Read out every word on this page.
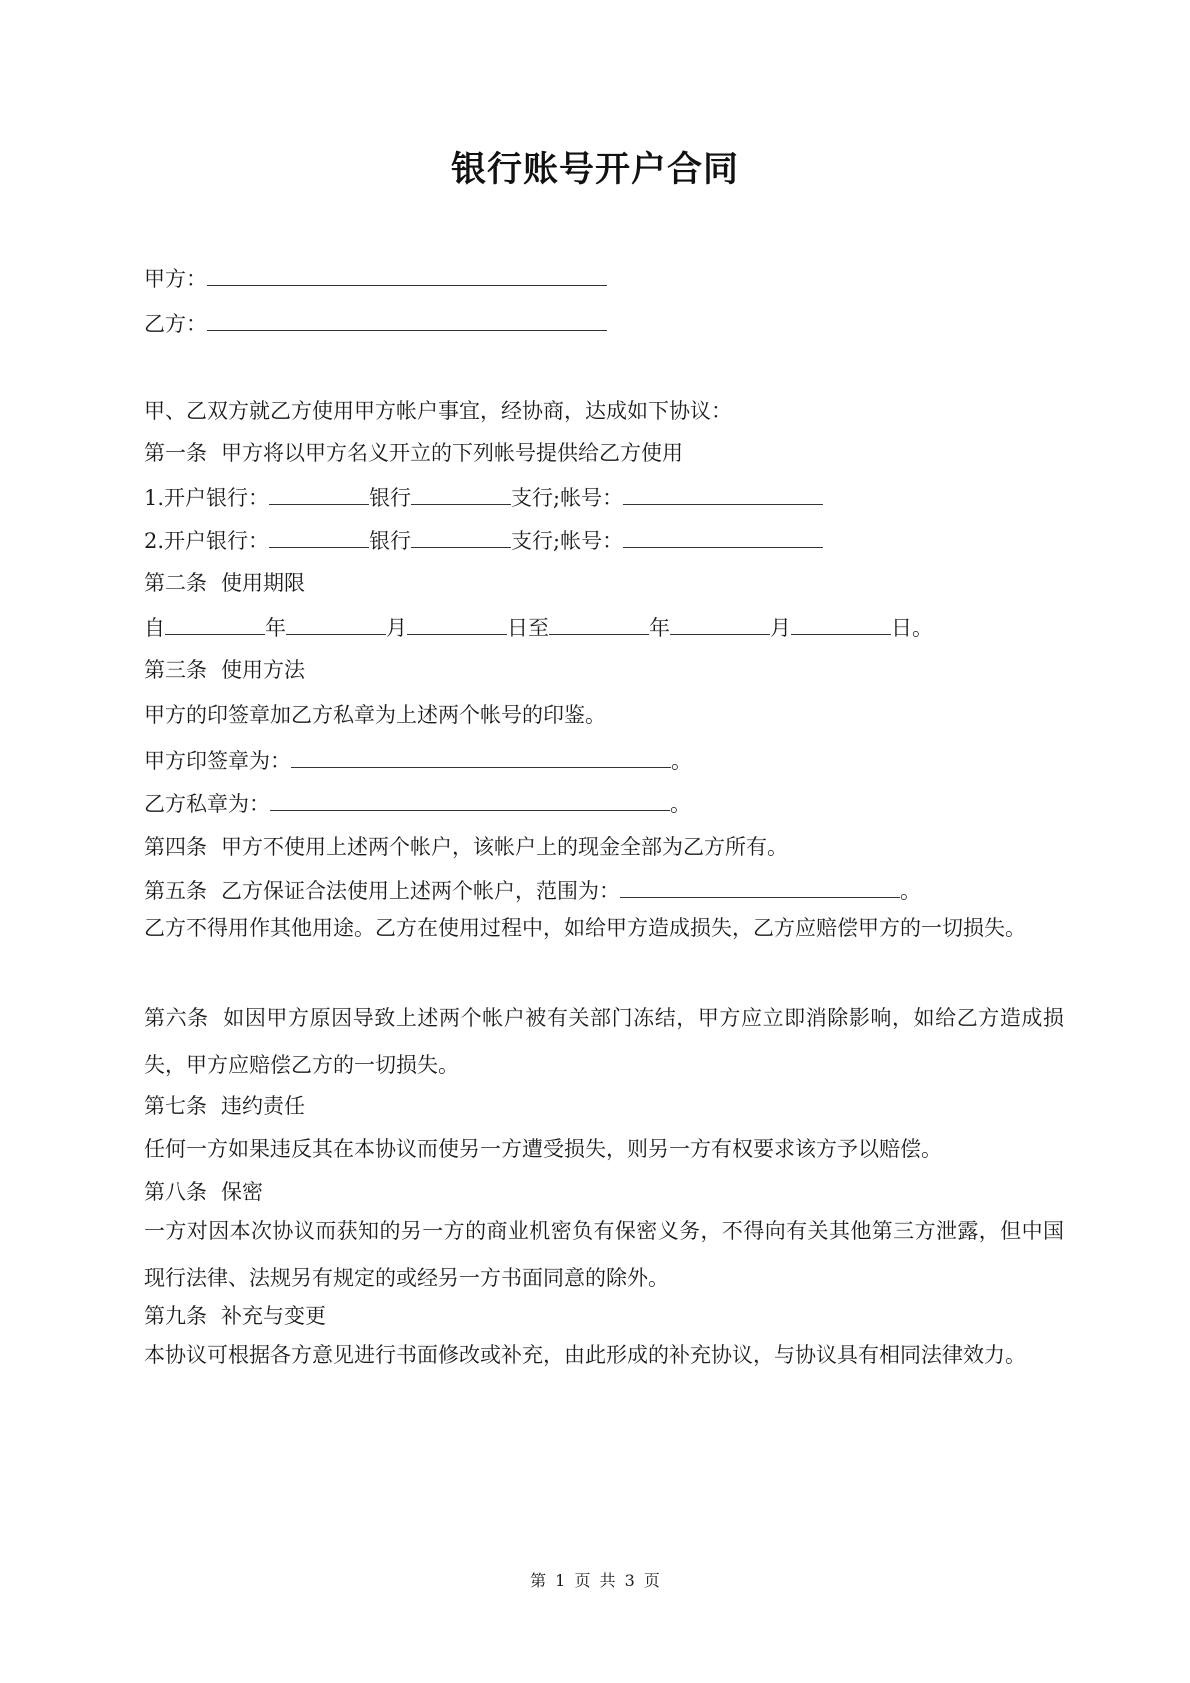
银行账号开户合同
甲方：
乙方：
甲、乙双方就乙方使用甲方帐户事宜，经协商，达成如下协议：
第一条 甲方将以甲方名义开立的下列帐号提供给乙方使用
1.开户银行：	银行	支行;帐号：
2.开户银行：	银行	支行;帐号：
第二条 使用期限
自	年	月	日至	年	月	日。
第三条 使用方法
甲方的印签章加乙方私章为上述两个帐号的印鉴。
甲方印签章为：	。
乙方私章为：	。
第四条 甲方不使用上述两个帐户，该帐户上的现金全部为乙方所有。
第五条 乙方保证合法使用上述两个帐户，范围为：	。
乙方不得用作其他用途。乙方在使用过程中，如给甲方造成损失，乙方应赔偿甲方的一切损失。
第六条 如因甲方原因导致上述两个帐户被有关部门冻结，甲方应立即消除影响，如给乙方造成损失，甲方应赔偿乙方的一切损失。
第七条 违约责任
任何一方如果违反其在本协议而使另一方遭受损失，则另一方有权要求该方予以赔偿。
第八条 保密
一方对因本次协议而获知的另一方的商业机密负有保密义务，不得向有关其他第三方泄露，但中国现行法律、法规另有规定的或经另一方书面同意的除外。
第九条 补充与变更
本协议可根据各方意见进行书面修改或补充，由此形成的补充协议，与协议具有相同法律效力。
第 1 页 共 3 页
